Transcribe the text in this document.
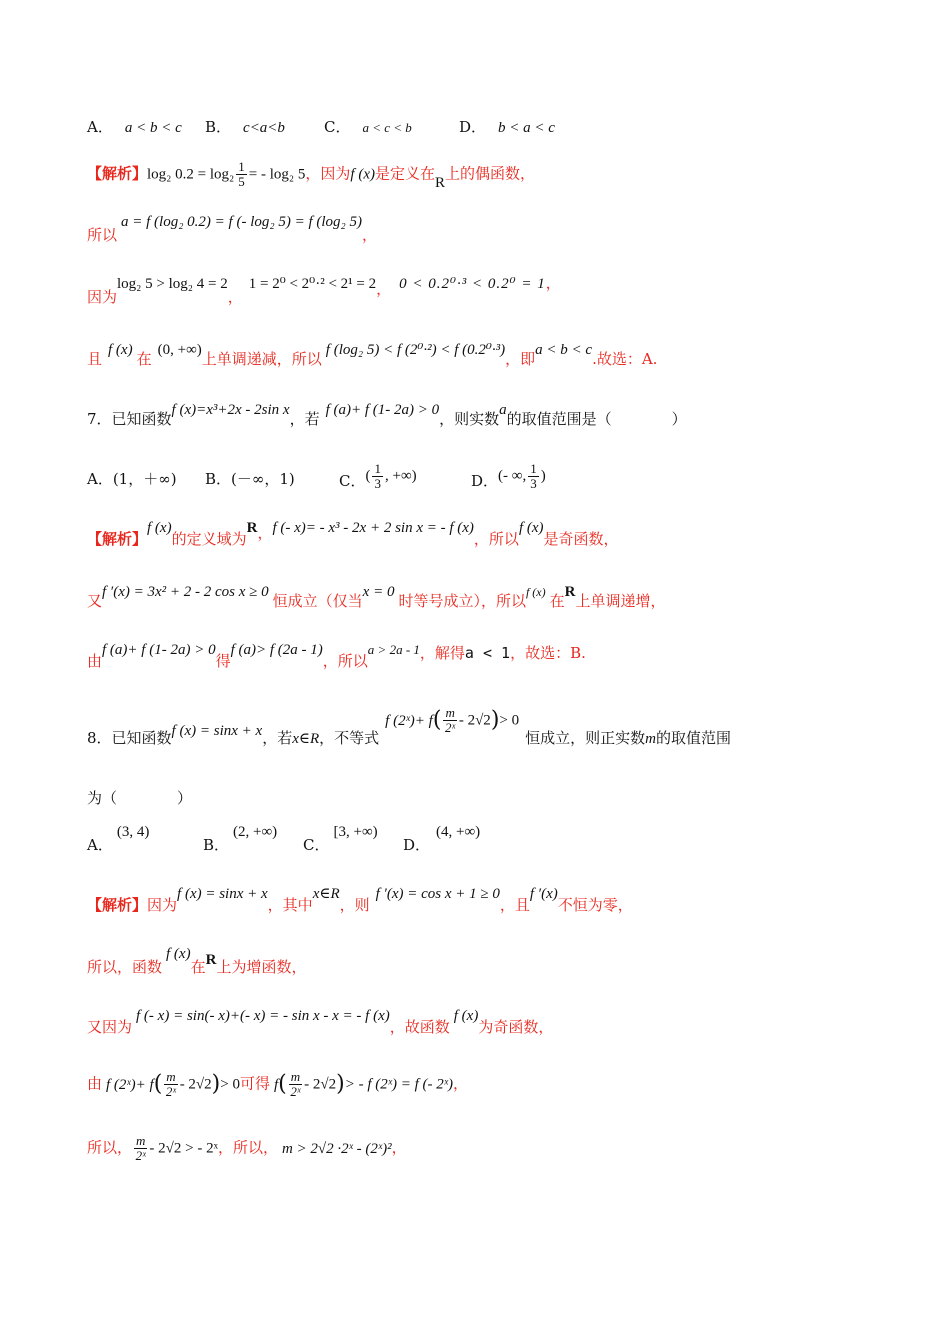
A． a < b < c B． c<a<b	C． a < c < b	D． b < a < c
【解析】log₂ $0.2 = \log_2 \frac{1}{5}$ = - log₂ 5，因为f (x)是定义在R上的偶函数，
所以a = f (log₂ 0.2) = f (- log₂ 5) = f (log₂ 5)，
因为log₂ 5 > log₂ 4 = 2，1 = 2⁰ < 2⁰·² < 2¹ = 2， 0 < 0.2⁰·³ < 0.2⁰ = 1，
且 f (x) 在 (0, +∞)上单调递减，所以 f (log₂ 5) < f (2⁰·²) < f (0.2⁰·³)，即a < b < c.故选：A.
7．已知函数f (x)=x³+2x - 2sin x，若 f (a)+ f (1- 2a) > 0，则实数a的取值范围是（　　　　）
A．(1，＋∞) B．(－∞，1)	C．( $\frac{1}{3}$ , +∞)	D．(- ∞, $\frac{1}{3}$ )
【解析】f (x)的定义域为R，f (- x)= - x³ - 2x + 2 sin x = - f (x)，所以f (x)是奇函数，
又f ′(x) = 3x² + 2 - 2 cos x ≥ 0 恒成立（仅当x = 0 时等号成立），所以f (x) 在R上单调递增，
由f (a)+ f (1- 2a) > 0得f (a)> f (2a - 1)，所以a > 2a - 1，解得a < 1，故选：B.
8．已知函数f (x) = sinx + x，若x∈R，不等式f (2ˣ)+ $f( \frac{m}{\text{2ˣ}} - 2√2)> 0$恒成立，则正实数m的取值范围
为（　　　　）
A．(3, 4)
B．(2, +∞)
C．[3, +∞)
D．(4, +∞)
【解析】因为f (x) = sinx + x，其中x∈R，则f ′(x) = cos x + 1 ≥ 0，且f ′(x)不恒为零，
所以，函数f (x)在R上为增函数，
又因为f (- x) = sin(- x)+(- x) = - sin x - x = - f (x)，故函数f (x)为奇函数，
由 f (2ˣ)+ $f( \frac{m}{\text{2ˣ}} - 2√2)> 0$可得 $f( \frac{m}{\text{2ˣ}} - 2√2)> - f$ (2ˣ) = f (- 2ˣ)，
所以， $\frac{m}{\text{2ˣ}} - 2√2$ > - 2ˣ，所以， m > 2√2 ·2ˣ - (2ˣ)²，
